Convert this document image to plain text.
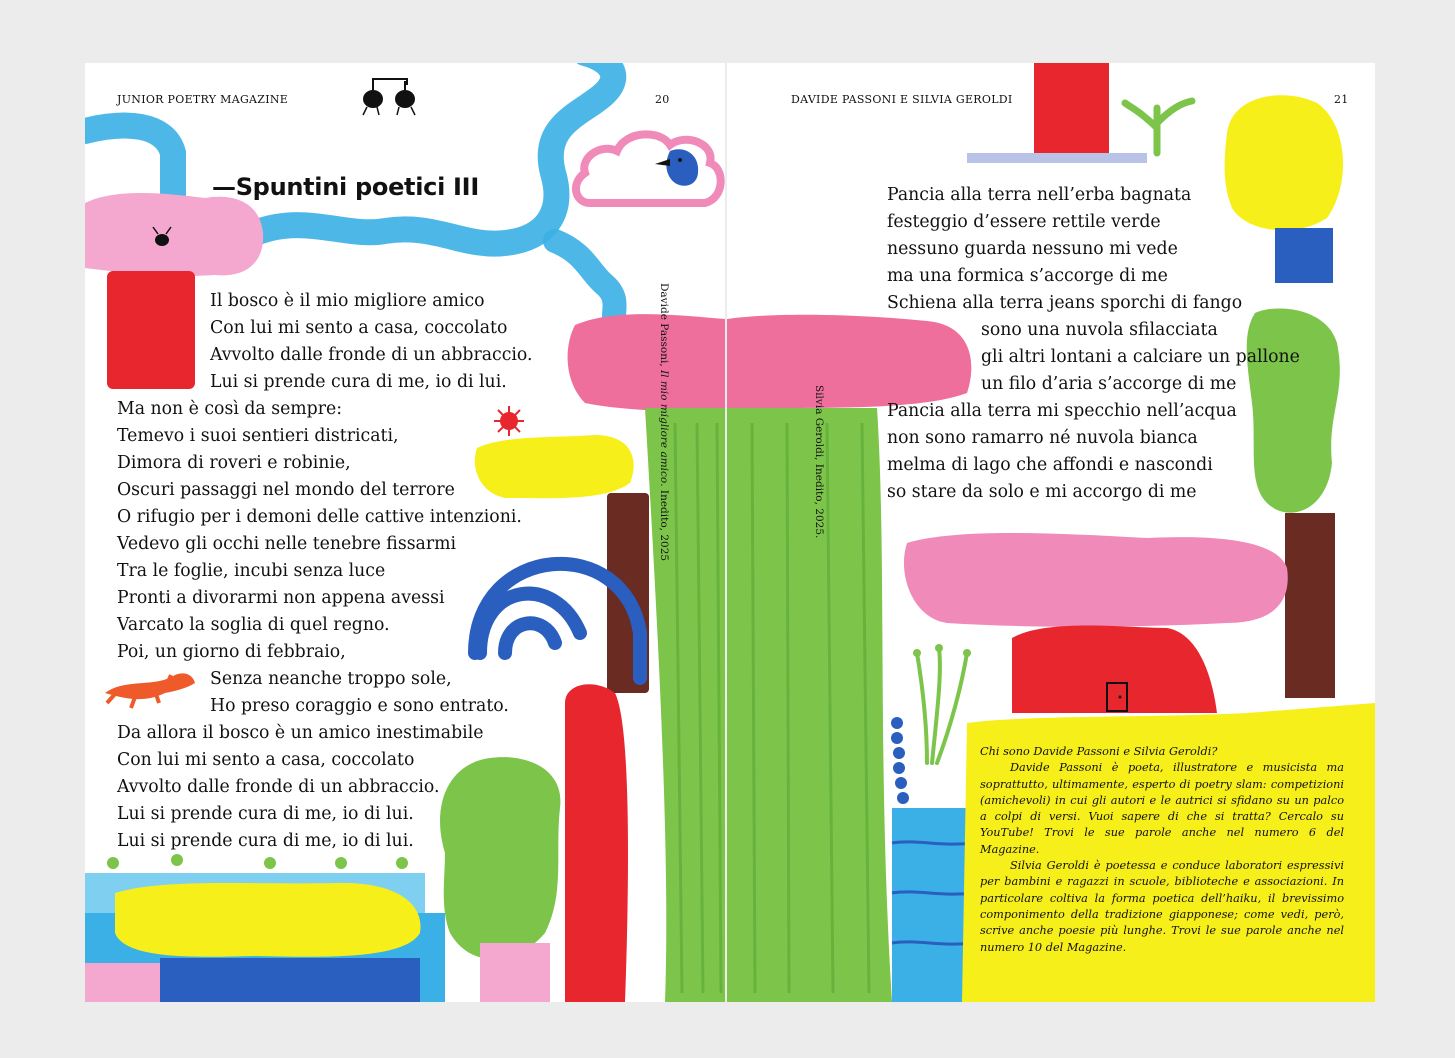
JUNIOR POETRY MAGAZINE	20
—Spuntini poetici III
Davide Passoni, Il mio migliore amico. Inedito, 2025
Il bosco è il mio migliore amico
Con lui mi sento a casa, coccolato
Avvolto dalle fronde di un abbraccio.
Lui si prende cura di me, io di lui.
Ma non è così da sempre:
Temevo i suoi sentieri districati,
Dimora di roveri e robinie,
Oscuri passaggi nel mondo del terrore
O rifugio per i demoni delle cattive intenzioni.
Vedevo gli occhi nelle tenebre fissarmi
Tra le foglie, incubi senza luce
Pronti a divorarmi non appena avessi
Varcato la soglia di quel regno.
Poi, un giorno di febbraio,
Senza neanche troppo sole,
Ho preso coraggio e sono entrato.
Da allora il bosco è un amico inestimabile
Con lui mi sento a casa, coccolato
Avvolto dalle fronde di un abbraccio.
Lui si prende cura di me, io di lui.
Lui si prende cura di me, io di lui.
DAVIDE PASSONI E SILVIA GEROLDI	21
Silvia Geroldi, Inedito, 2025.
Pancia alla terra nell’erba bagnata
festeggio d’essere rettile verde
nessuno guarda nessuno mi vede
ma una formica s’accorge di me
Schiena alla terra jeans sporchi di fango
sono una nuvola sfilacciata
gli altri lontani a calciare un pallone
un filo d’aria s’accorge di me
Pancia alla terra mi specchio nell’acqua
non sono ramarro né nuvola bianca
melma di lago che affondi e nascondi
so stare da solo e mi accorgo di me

Chi sono Davide Passoni e Silvia Geroldi?

Davide Passoni è poeta, illustratore e musicista ma soprattutto, ultimamente, esperto di poetry slam: competizioni (amichevoli) in cui gli autori e le autrici si sfidano su un palco a colpi di versi. Vuoi sapere di che si tratta? Cercalo su YouTube! Trovi le sue parole anche nel numero 6 del Magazine.

Silvia Geroldi è poetessa e conduce laboratori espressivi per bambini e ragazzi in scuole, biblioteche e associazioni. In particolare coltiva la forma poetica dell’haiku, il brevissimo componimento della tradizione giapponese; come vedi, però, scrive anche poesie più lunghe. Trovi le sue parole anche nel numero 10 del Magazine.
